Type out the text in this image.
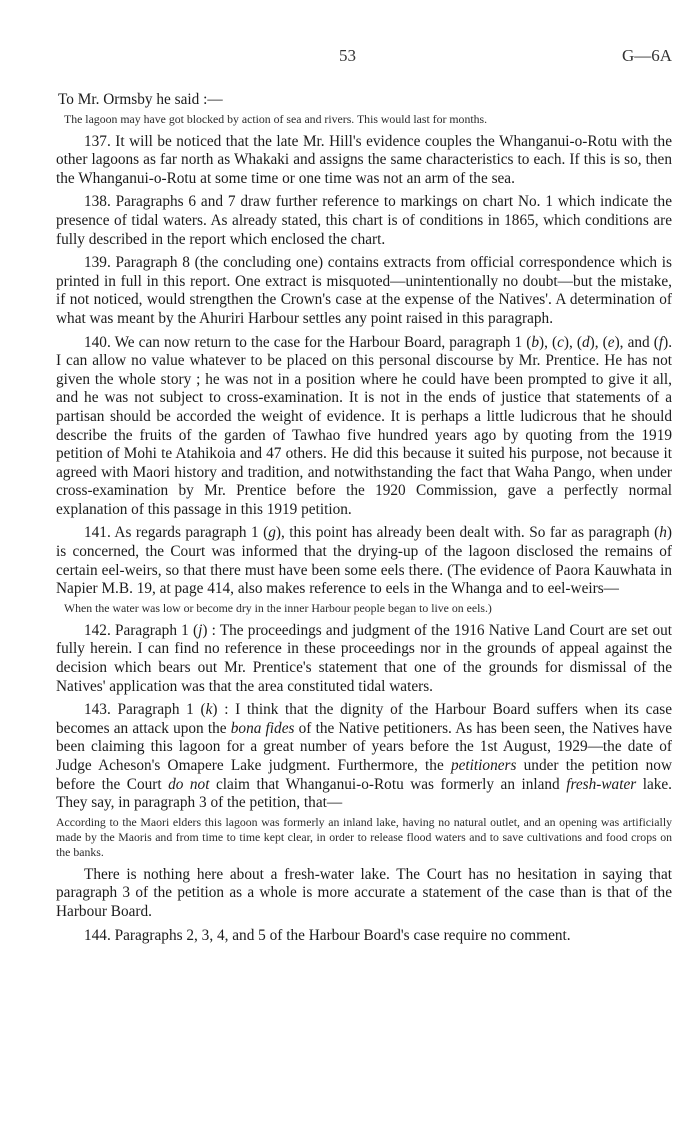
53	G—6A

To Mr. Ormsby he said :—

The lagoon may have got blocked by action of sea and rivers. This would last for months.

137. It will be noticed that the late Mr. Hill's evidence couples the Whanganui-o-Rotu with the other lagoons as far north as Whakaki and assigns the same characteristics to each. If this is so, then the Whanganui-o-Rotu at some time or one time was not an arm of the sea.

138. Paragraphs 6 and 7 draw further reference to markings on chart No. 1 which indicate the presence of tidal waters. As already stated, this chart is of conditions in 1865, which conditions are fully described in the report which enclosed the chart.

139. Paragraph 8 (the concluding one) contains extracts from official correspondence which is printed in full in this report. One extract is misquoted—unintentionally no doubt—but the mistake, if not noticed, would strengthen the Crown's case at the expense of the Natives'. A determination of what was meant by the Ahuriri Harbour settles any point raised in this paragraph.

140. We can now return to the case for the Harbour Board, paragraph 1 (b), (c), (d), (e), and (f). I can allow no value whatever to be placed on this personal discourse by Mr. Prentice. He has not given the whole story ; he was not in a position where he could have been prompted to give it all, and he was not subject to cross-examination. It is not in the ends of justice that statements of a partisan should be accorded the weight of evidence. It is perhaps a little ludicrous that he should describe the fruits of the garden of Tawhao five hundred years ago by quoting from the 1919 petition of Mohi te Atahikoia and 47 others. He did this because it suited his purpose, not because it agreed with Maori history and tradition, and notwithstanding the fact that Waha Pango, when under cross-examination by Mr. Prentice before the 1920 Commission, gave a perfectly normal explanation of this passage in this 1919 petition.

141. As regards paragraph 1 (g), this point has already been dealt with. So far as paragraph (h) is concerned, the Court was informed that the drying-up of the lagoon disclosed the remains of certain eel-weirs, so that there must have been some eels there. (The evidence of Paora Kauwhata in Napier M.B. 19, at page 414, also makes reference to eels in the Whanga and to eel-weirs—

When the water was low or become dry in the inner Harbour people began to live on eels.)

142. Paragraph 1 (j) : The proceedings and judgment of the 1916 Native Land Court are set out fully herein. I can find no reference in these proceedings nor in the grounds of appeal against the decision which bears out Mr. Prentice's statement that one of the grounds for dismissal of the Natives' application was that the area constituted tidal waters.

143. Paragraph 1 (k) : I think that the dignity of the Harbour Board suffers when its case becomes an attack upon the bona fides of the Native petitioners. As has been seen, the Natives have been claiming this lagoon for a great number of years before the 1st August, 1929—the date of Judge Acheson's Omapere Lake judgment. Furthermore, the petitioners under the petition now before the Court do not claim that Whanganui-o-Rotu was formerly an inland fresh-water lake. They say, in paragraph 3 of the petition, that—

According to the Maori elders this lagoon was formerly an inland lake, having no natural outlet, and an opening was artificially made by the Maoris and from time to time kept clear, in order to release flood waters and to save cultivations and food crops on the banks.

There is nothing here about a fresh-water lake. The Court has no hesitation in saying that paragraph 3 of the petition as a whole is more accurate a statement of the case than is that of the Harbour Board.

144. Paragraphs 2, 3, 4, and 5 of the Harbour Board's case require no comment.
